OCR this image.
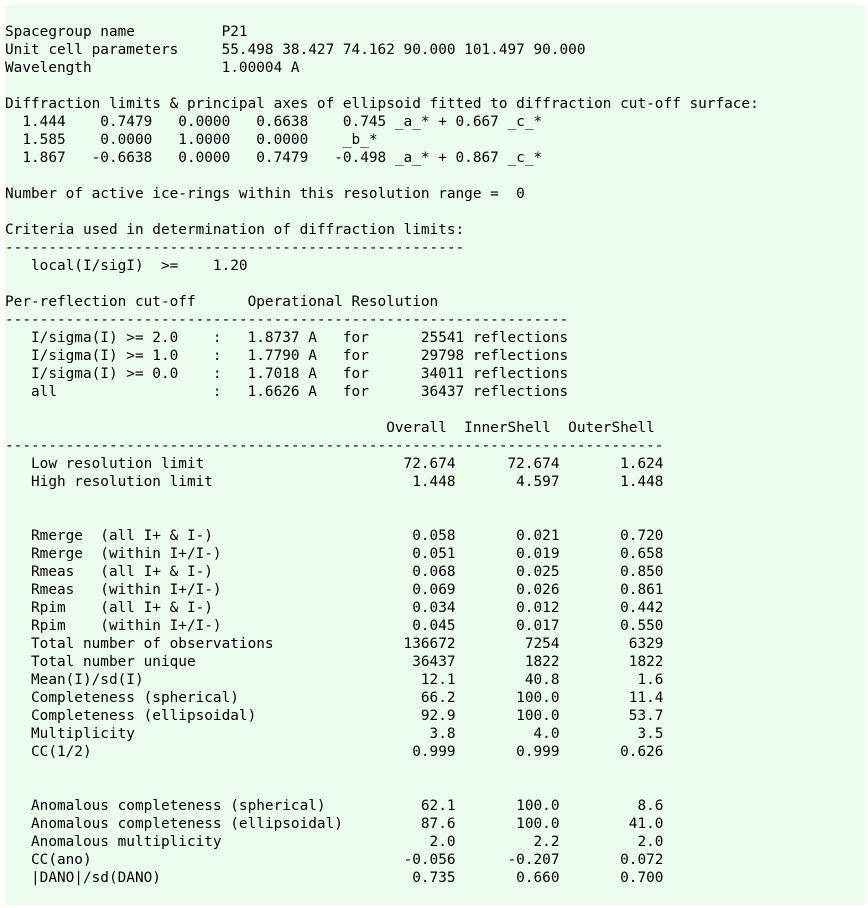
Spacegroup name          P21
Unit cell parameters     55.498 38.427 74.162 90.000 101.497 90.000
Wavelength               1.00004 A
Diffraction limits & principal axes of ellipsoid fitted to diffraction cut-off surface:
1.444    0.7479   0.0000   0.6638    0.745 _a_* + 0.667 _c_*
1.585    0.0000   1.0000   0.0000    _b_*
1.867   -0.6638   0.0000   0.7479   -0.498 _a_* + 0.867 _c_*
Number of active ice-rings within this resolution range =  0
Criteria used in determination of diffraction limits:
-----------------------------------------------------
local(I/sigI)  >=    1.20
Per-reflection cut-off      Operational Resolution
-----------------------------------------------------------------
I/sigma(I) >= 2.0    :   1.8737 A   for      25541 reflections
I/sigma(I) >= 1.0    :   1.7790 A   for      29798 reflections
I/sigma(I) >= 0.0    :   1.7018 A   for      34011 reflections
all                  :   1.6626 A   for      36437 reflections
Overall  InnerShell  OuterShell
----------------------------------------------------------------------------
Low resolution limit                       72.674      72.674       1.624
High resolution limit                       1.448       4.597       1.448
Rmerge  (all I+ & I-)                       0.058       0.021       0.720
Rmerge  (within I+/I-)                      0.051       0.019       0.658
Rmeas   (all I+ & I-)                       0.068       0.025       0.850
Rmeas   (within I+/I-)                      0.069       0.026       0.861
Rpim    (all I+ & I-)                       0.034       0.012       0.442
Rpim    (within I+/I-)                      0.045       0.017       0.550
Total number of observations               136672        7254        6329
Total number unique                         36437        1822        1822
Mean(I)/sd(I)                                12.1        40.8         1.6
Completeness (spherical)                     66.2       100.0        11.4
Completeness (ellipsoidal)                   92.9       100.0        53.7
Multiplicity                                  3.8         4.0         3.5
CC(1/2)                                     0.999       0.999       0.626
Anomalous completeness (spherical)           62.1       100.0         8.6
Anomalous completeness (ellipsoidal)         87.6       100.0        41.0
Anomalous multiplicity                        2.0         2.2         2.0
CC(ano)                                    -0.056      -0.207       0.072
|DANO|/sd(DANO)                             0.735       0.660       0.700
